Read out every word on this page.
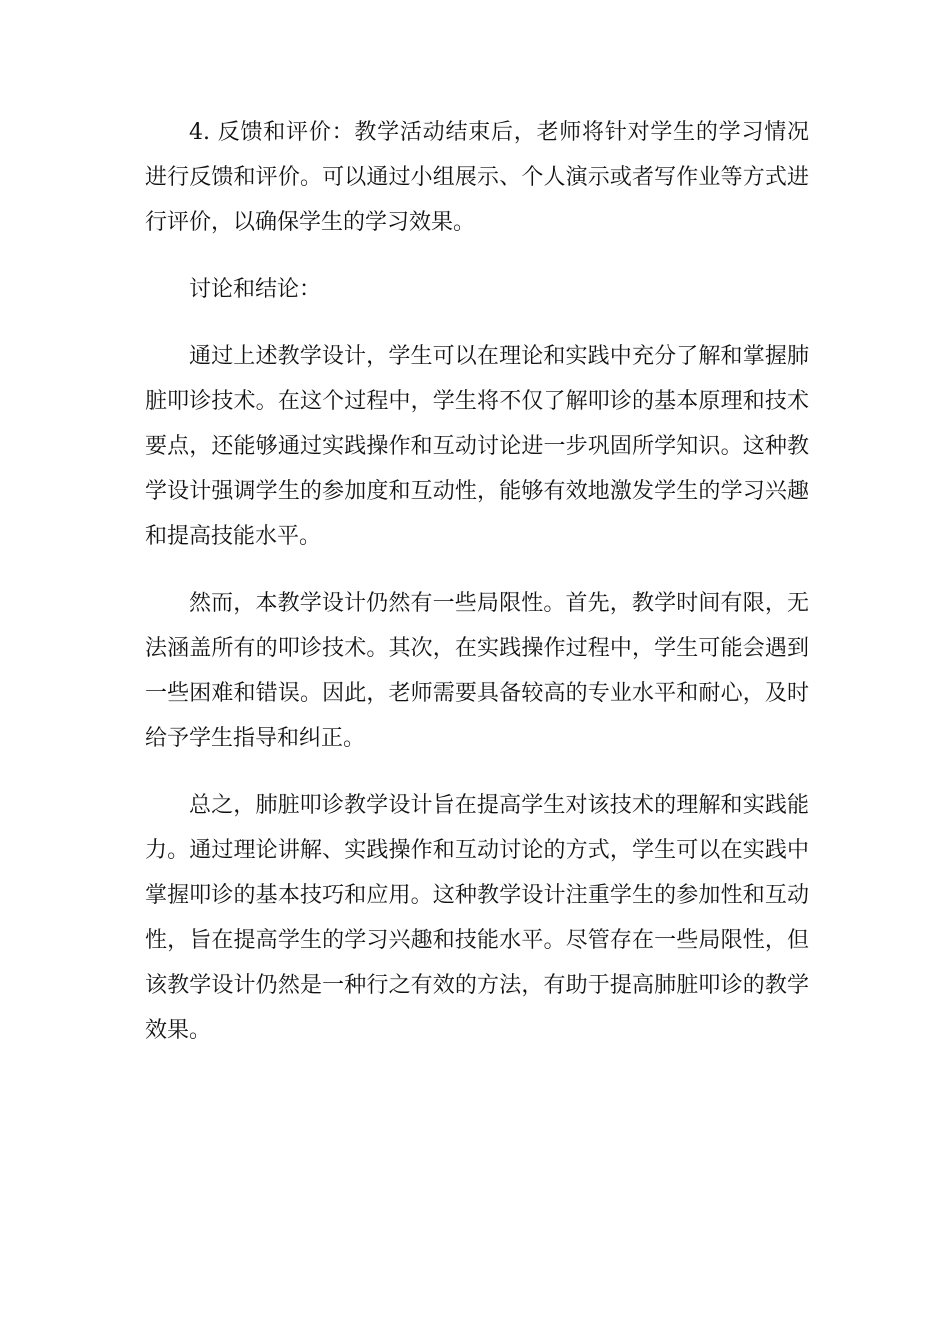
4. 反馈和评价：教学活动结束后，老师将针对学生的学习情况进行反馈和评价。可以通过小组展示、个人演示或者写作业等方式进行评价，以确保学生的学习效果。

讨论和结论：

通过上述教学设计，学生可以在理论和实践中充分了解和掌握肺脏叩诊技术。在这个过程中，学生将不仅了解叩诊的基本原理和技术要点，还能够通过实践操作和互动讨论进一步巩固所学知识。这种教学设计强调学生的参加度和互动性，能够有效地激发学生的学习兴趣和提高技能水平。

然而，本教学设计仍然有一些局限性。首先，教学时间有限，无法涵盖所有的叩诊技术。其次，在实践操作过程中，学生可能会遇到一些困难和错误。因此，老师需要具备较高的专业水平和耐心，及时给予学生指导和纠正。

总之，肺脏叩诊教学设计旨在提高学生对该技术的理解和实践能力。通过理论讲解、实践操作和互动讨论的方式，学生可以在实践中掌握叩诊的基本技巧和应用。这种教学设计注重学生的参加性和互动性，旨在提高学生的学习兴趣和技能水平。尽管存在一些局限性，但该教学设计仍然是一种行之有效的方法，有助于提高肺脏叩诊的教学效果。
